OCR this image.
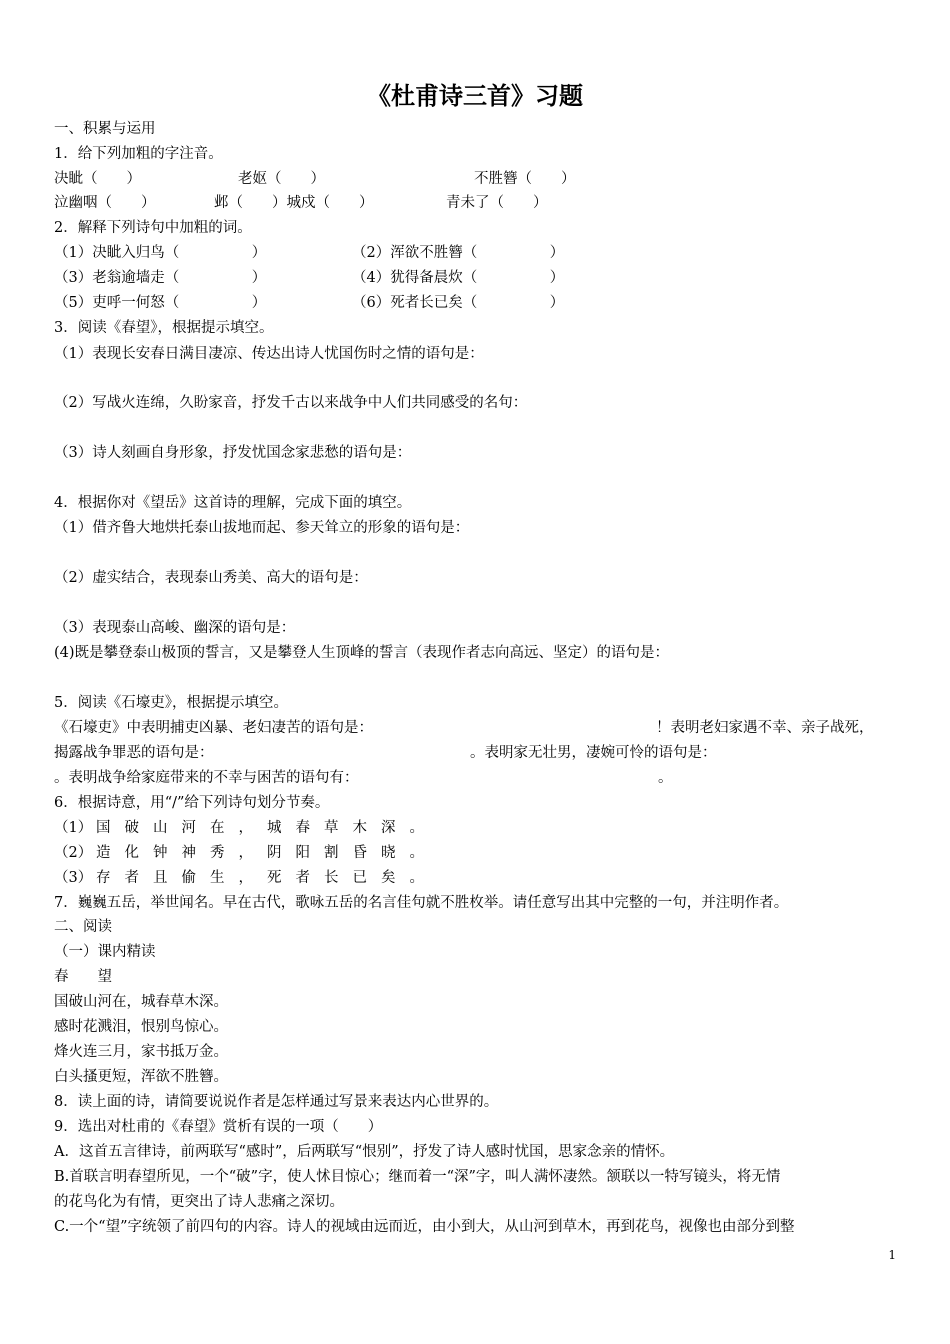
《杜甫诗三首》习题
一、积累与运用
1．给下列加粗的字注音。
决眦（　　）	老妪（　　）	不胜簪（　　）
泣幽咽（　　）	邺（　　）城戍（　　）	青未了（　　）
2．解释下列诗句中加粗的词。
（1）决眦入归鸟（　　　　　）	（2）浑欲不胜簪（　　　　　）
（3）老翁逾墙走（　　　　　）	（4）犹得备晨炊（　　　　　）
（5）吏呼一何怒（　　　　　）	（6）死者长已矣（　　　　　）
3．阅读《春望》，根据提示填空。
（1）表现长安春日满目凄凉、传达出诗人忧国伤时之情的语句是：
（2）写战火连绵，久盼家音，抒发千古以来战争中人们共同感受的名句：
（3）诗人刻画自身形象，抒发忧国念家悲愁的语句是：
4．根据你对《望岳》这首诗的理解，完成下面的填空。
（1）借齐鲁大地烘托泰山拔地而起、参天耸立的形象的语句是：
（2）虚实结合，表现泰山秀美、高大的语句是：
（3）表现泰山高峻、幽深的语句是：
(4)既是攀登泰山极顶的誓言，又是攀登人生顶峰的誓言（表现作者志向高远、坚定）的语句是：
5．阅读《石壕吏》，根据提示填空。
《石壕吏》中表明捕吏凶暴、老妇凄苦的语句是：	！表明老妇家遇不幸、亲子战死，
揭露战争罪恶的语句是：	。表明家无壮男，凄婉可怜的语句是：
。表明战争给家庭带来的不幸与困苦的语句有：	。
6．根据诗意，用“/”给下列诗句划分节奏。
（1） 国破山河在，城春草木深。
（2） 造化钟神秀，阴阳割昏晓。
（3） 存者且偷生，死者长已矣。
7．巍巍五岳，举世闻名。早在古代，歌咏五岳的名言佳句就不胜枚举。请任意写出其中完整的一句，并注明作者。
二、阅读
（一）课内精读
春　　望
国破山河在，城春草木深。
感时花溅泪，恨别鸟惊心。
烽火连三月，家书抵万金。
白头搔更短，浑欲不胜簪。
8．读上面的诗，请简要说说作者是怎样通过写景来表达内心世界的。
9．选出对杜甫的《春望》赏析有误的一项（　　）
A．这首五言律诗，前两联写“感时”，后两联写“恨别”，抒发了诗人感时忧国，思家念亲的情怀。
B.首联言明春望所见，一个“破”字，使人怵目惊心；继而着一“深”字，叫人满怀凄然。颔联以一特写镜头，将无情
的花鸟化为有情，更突出了诗人悲痛之深切。
C.一个“望”字统领了前四句的内容。诗人的视域由远而近，由小到大，从山河到草木，再到花鸟，视像也由部分到整
1
